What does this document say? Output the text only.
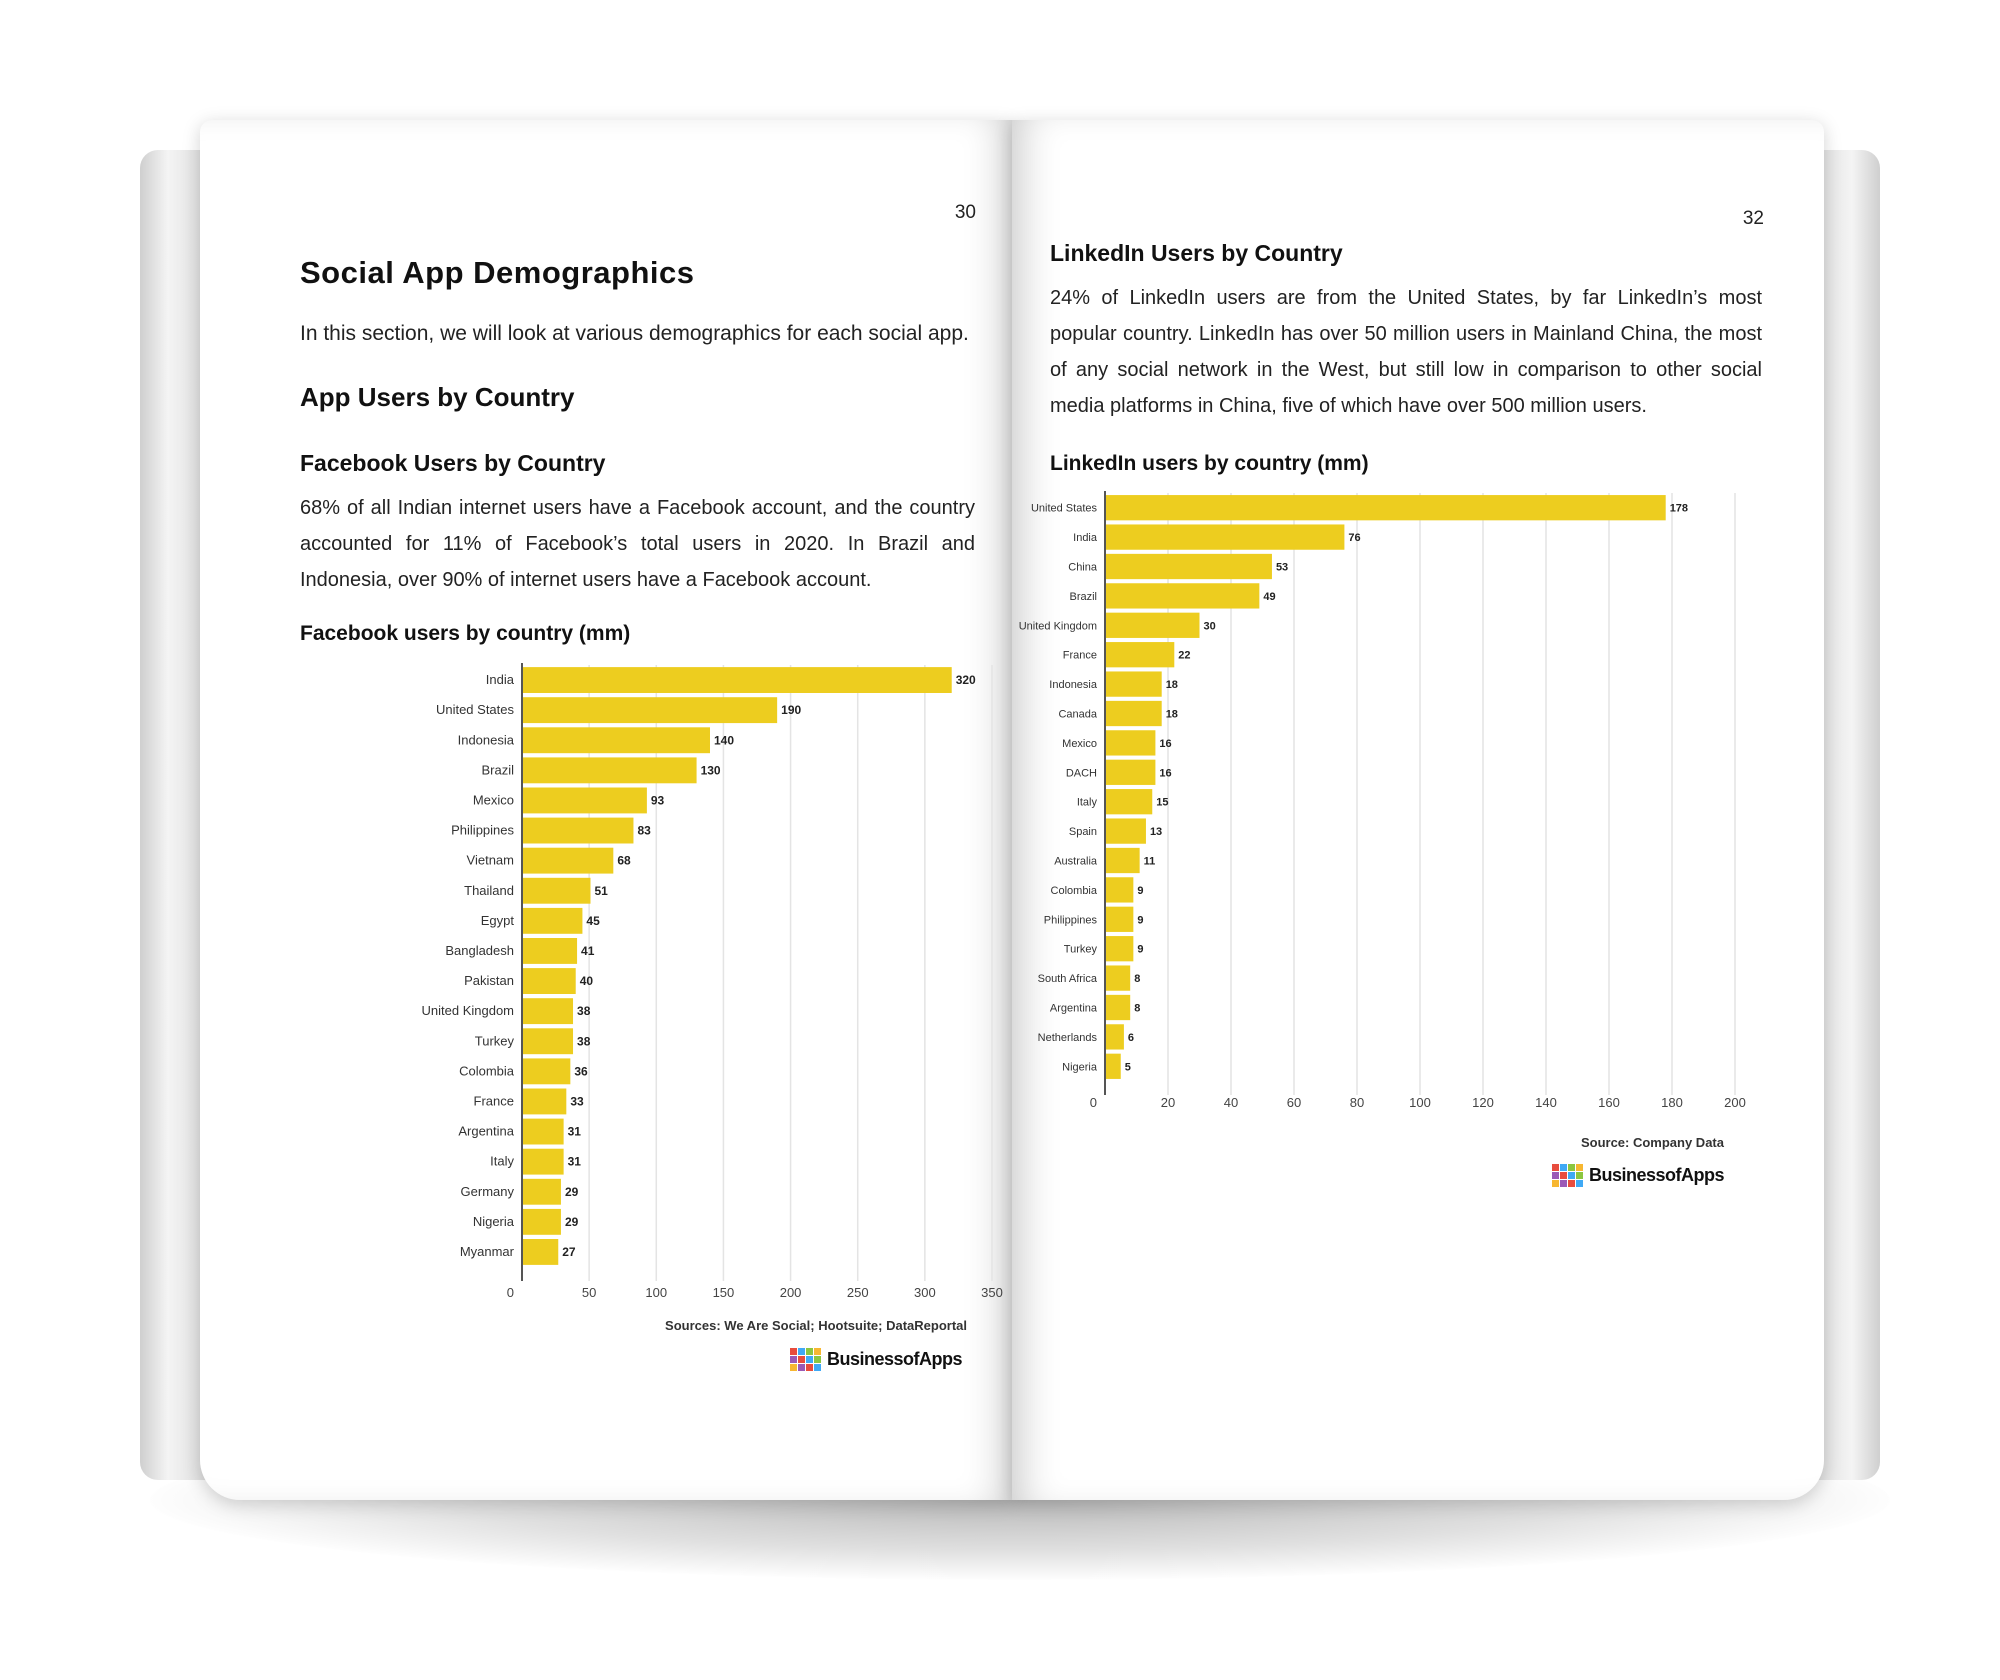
30
Social App Demographics
In this section, we will look at various demographics for each social app.
App Users by Country
Facebook Users by Country
68% of all Indian internet users have a Facebook account, and the country accounted for 11% of Facebook’s total users in 2020. In Brazil and Indonesia, over 90% of internet users have a Facebook account.
Facebook users by country (mm)
India	320
United States	190
Indonesia	140
Brazil	130
Mexico	93
Philippines	83
Vietnam	68
Thailand	51
Egypt	45
Bangladesh	41
Pakistan	40
United Kingdom	38
Turkey	38
Colombia	36
France	33
Argentina	31
Italy	31
Germany	29
Nigeria	29
Myanmar	27
0	50	100	150	200	250	300	350
Sources: We Are Social; Hootsuite; DataReportal
BusinessofApps
32
LinkedIn Users by Country
24% of LinkedIn users are from the United States, by far LinkedIn’s most popular country. LinkedIn has over 50 million users in Mainland China, the most of any social network in the West, but still low in comparison to other social media platforms in China, five of which have over 500 million users.
LinkedIn users by country (mm)
United States	178
India	76
China	53
Brazil	49
United Kingdom	30
France	22
Indonesia	18
Canada	18
Mexico	16
DACH	16
Italy	15
Spain	13
Australia	11
Colombia	9
Philippines	9
Turkey	9
South Africa	8
Argentina	8
Netherlands	6
Nigeria	5
0	20	40	60	80	100	120	140	160	180	200
Source: Company Data
BusinessofApps
